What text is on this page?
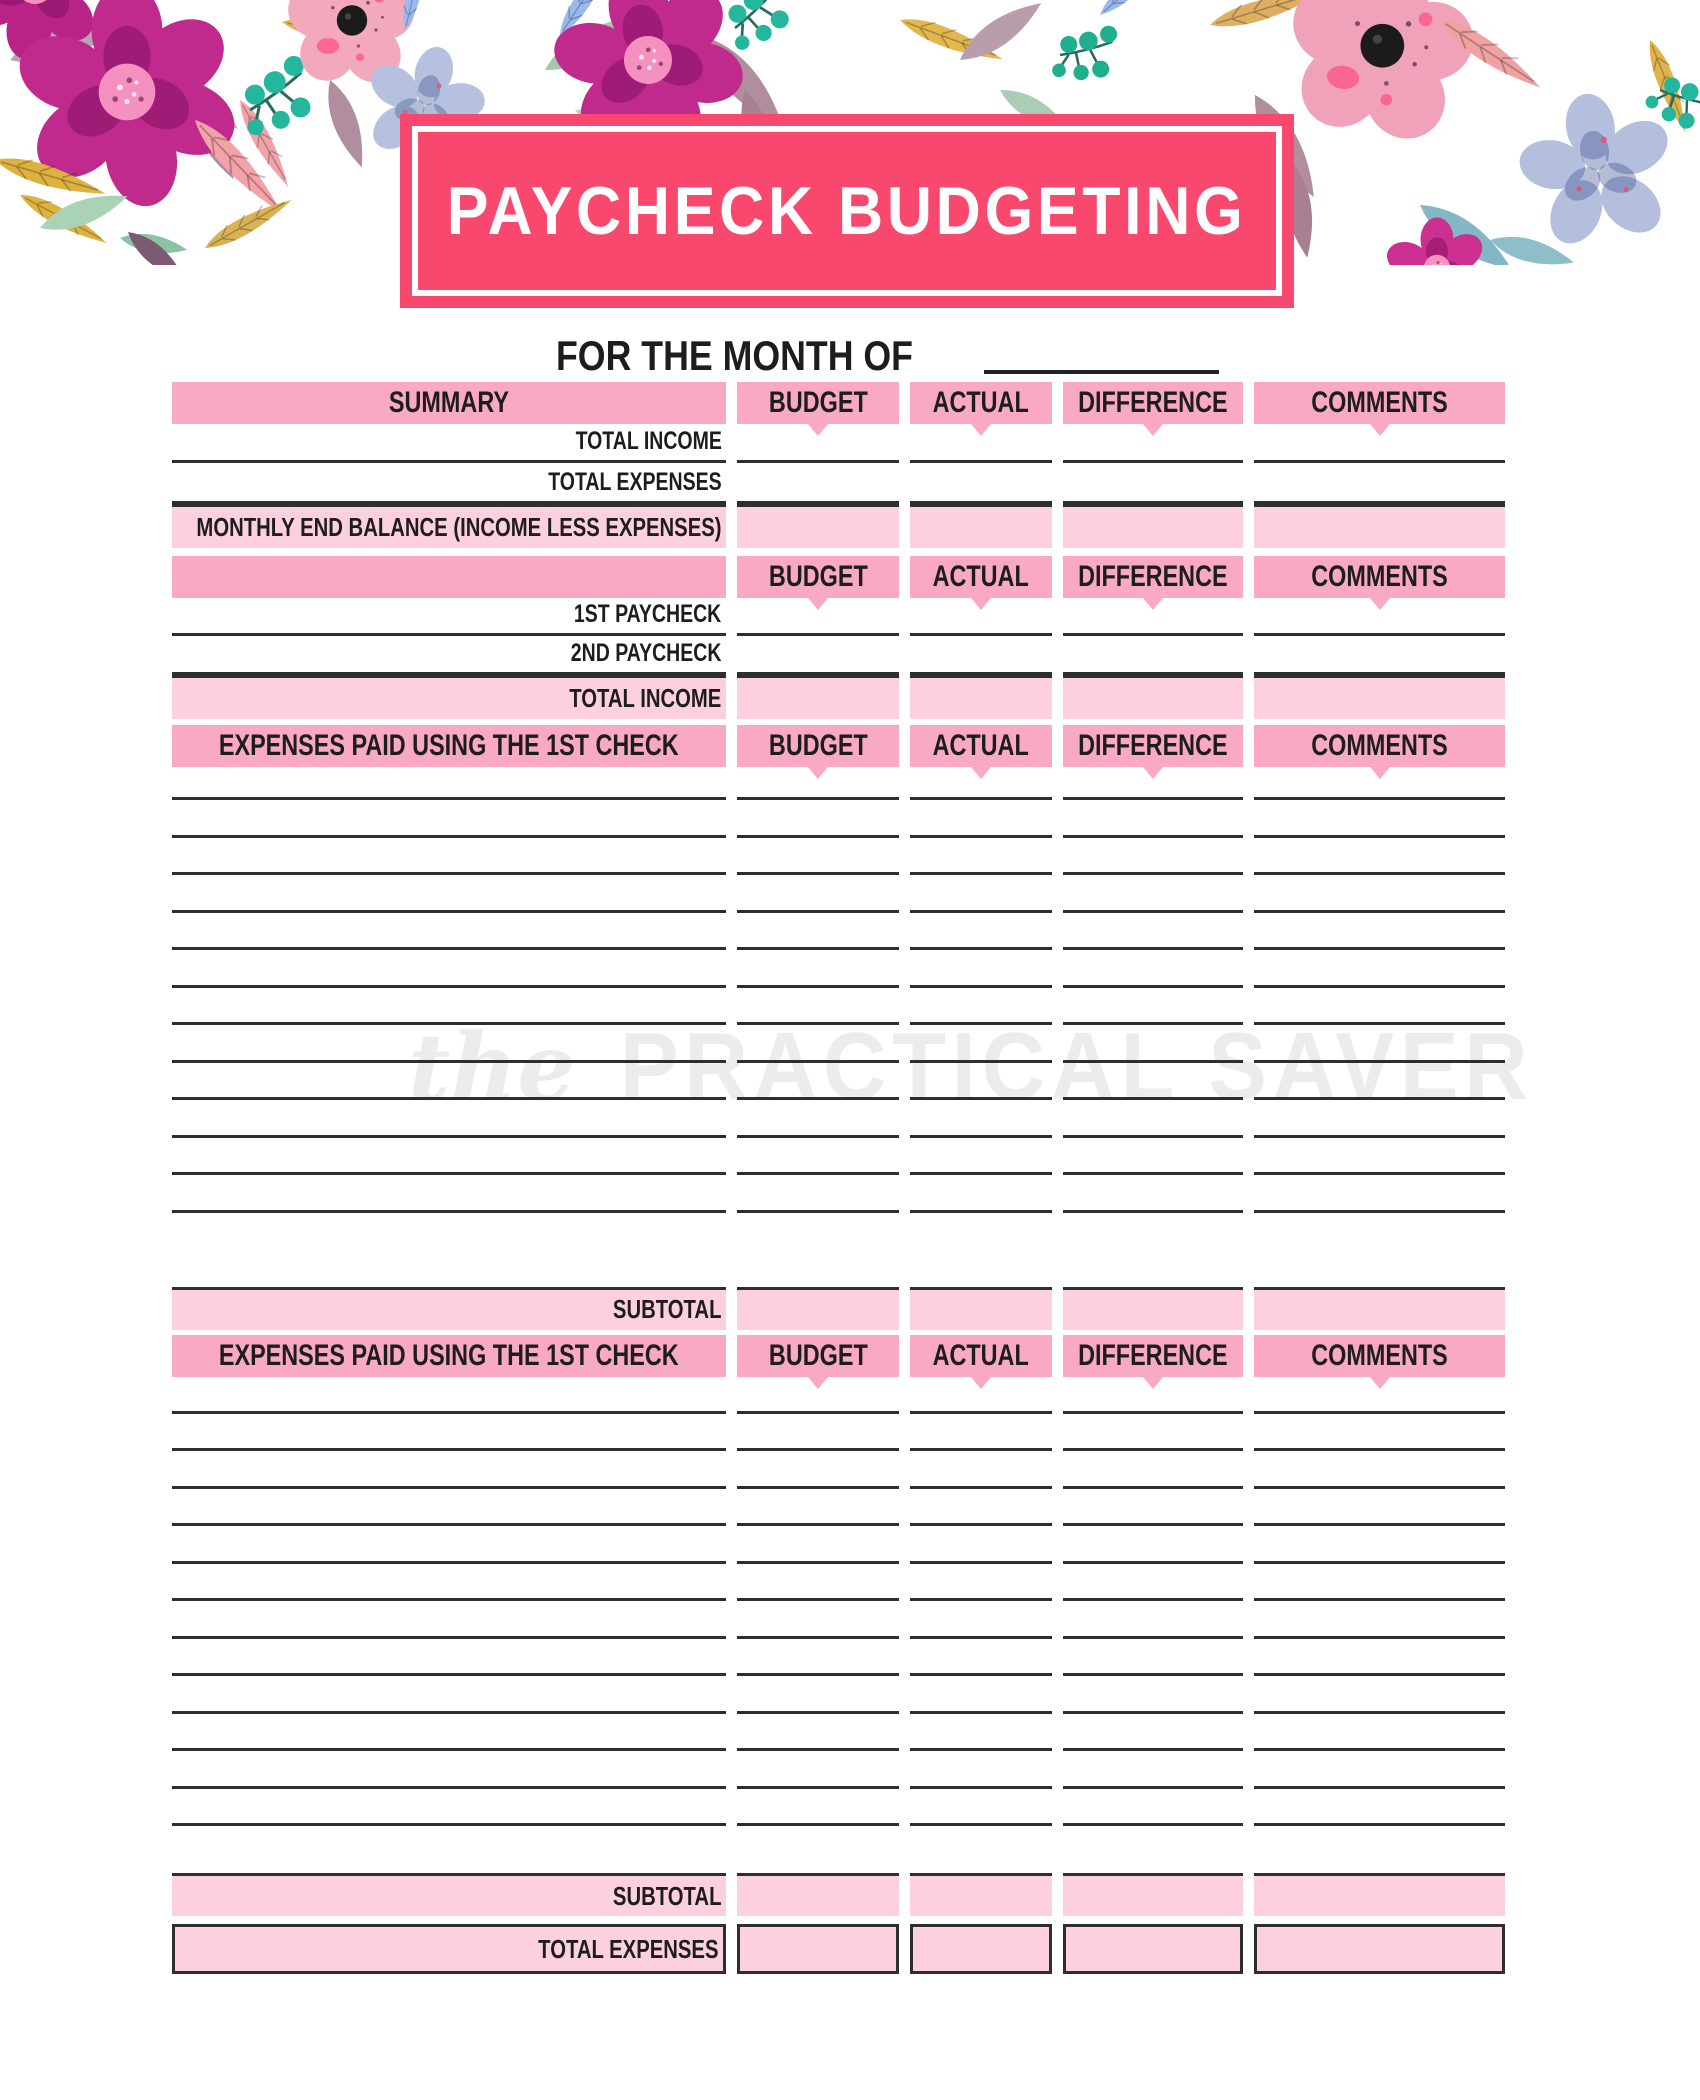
PAYCHECK BUDGETING
FOR THE MONTH OF
the PRACTICAL SAVER
SUMMARY	BUDGET ACTUAL DIFFERENCE	COMMENTS
TOTAL INCOME
TOTAL EXPENSES
MONTHLY END BALANCE (INCOME LESS EXPENSES)
BUDGET ACTUAL DIFFERENCE	COMMENTS
1ST PAYCHECK
2ND PAYCHECK
TOTAL INCOME
EXPENSES PAID USING THE 1ST CHECK	BUDGET ACTUAL DIFFERENCE	COMMENTS
SUBTOTAL
EXPENSES PAID USING THE 1ST CHECK	BUDGET ACTUAL DIFFERENCE	COMMENTS
SUBTOTAL
TOTAL EXPENSES
